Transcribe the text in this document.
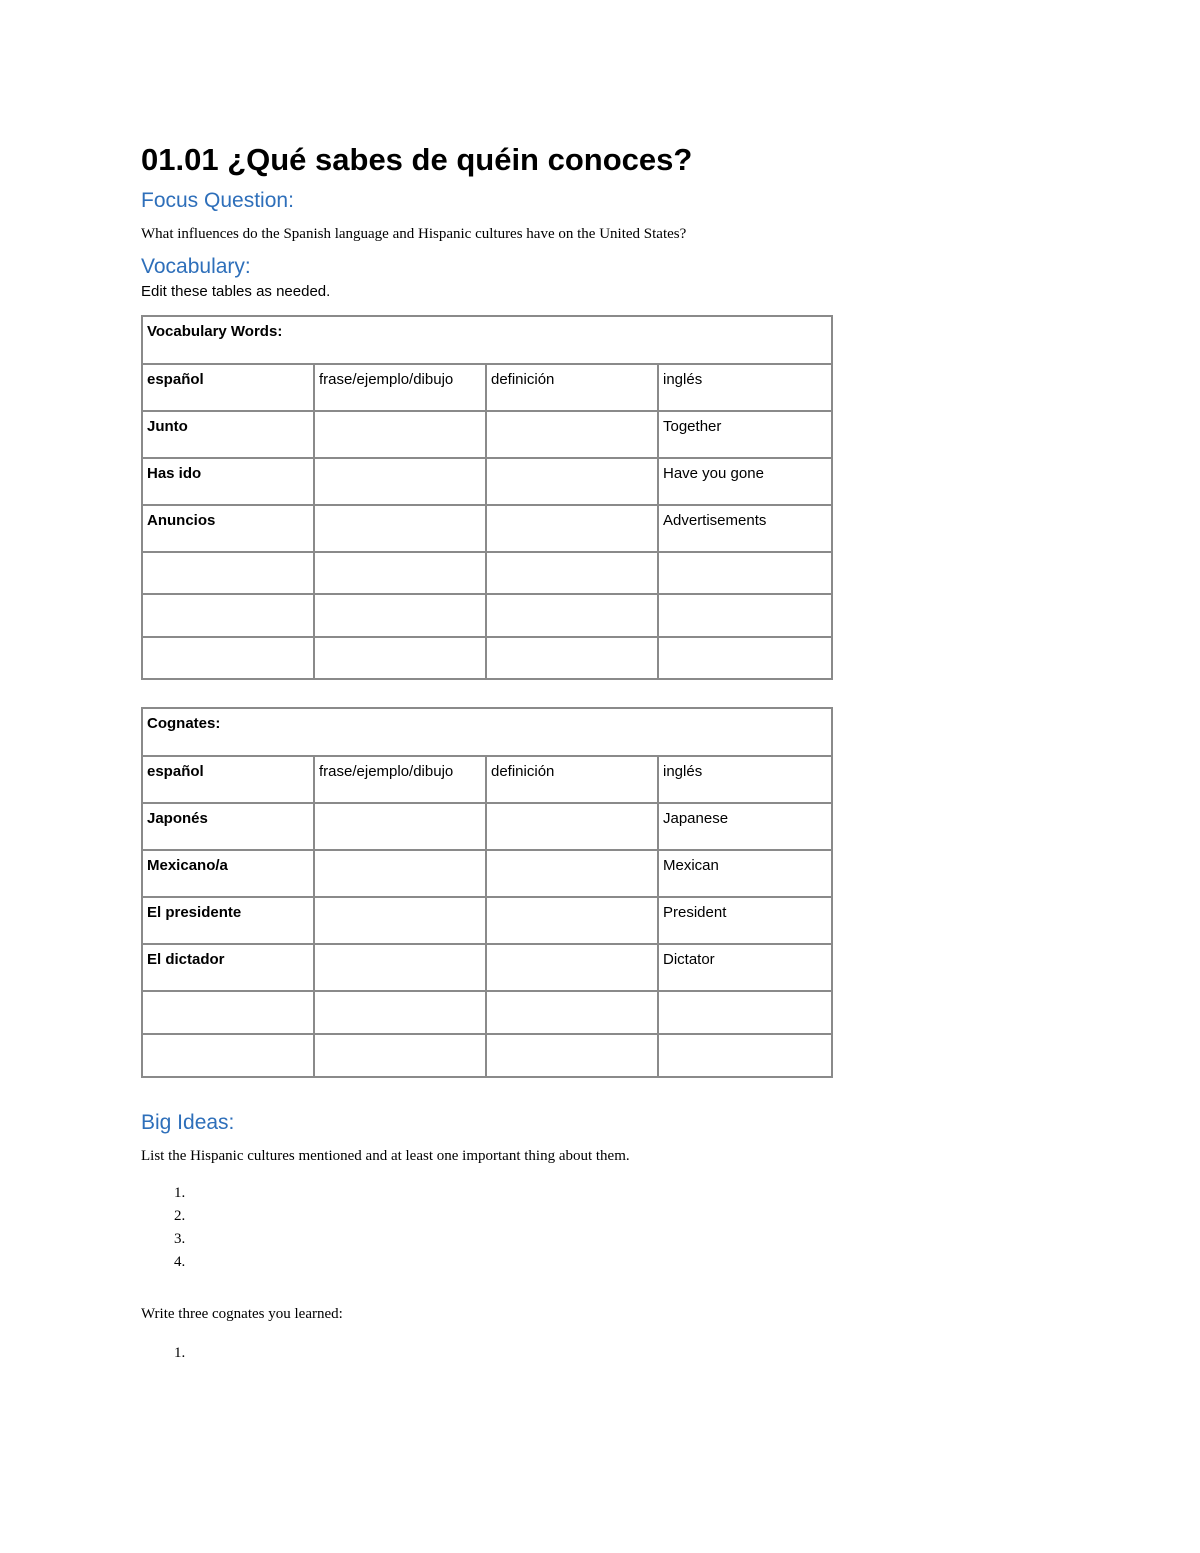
01.01 ¿Qué sabes de quéin conoces?
Focus Question:
What influences do the Spanish language and Hispanic cultures have on the United States?
Vocabulary:
Edit these tables as needed.
Vocabulary Words:			
español	frase/ejemplo/dibujo	definición	inglés
Junto			Together
Has ido			Have you gone
Anuncios			Advertisements

Cognates:			
español	frase/ejemplo/dibujo	definición	inglés
Japonés			Japanese
Mexicano/a			Mexican
El presidente			President
El dictador			Dictator

Big Ideas:
List the Hispanic cultures mentioned and at least one important thing about them.
1.
2.
3.
4.
Write three cognates you learned:
1.
